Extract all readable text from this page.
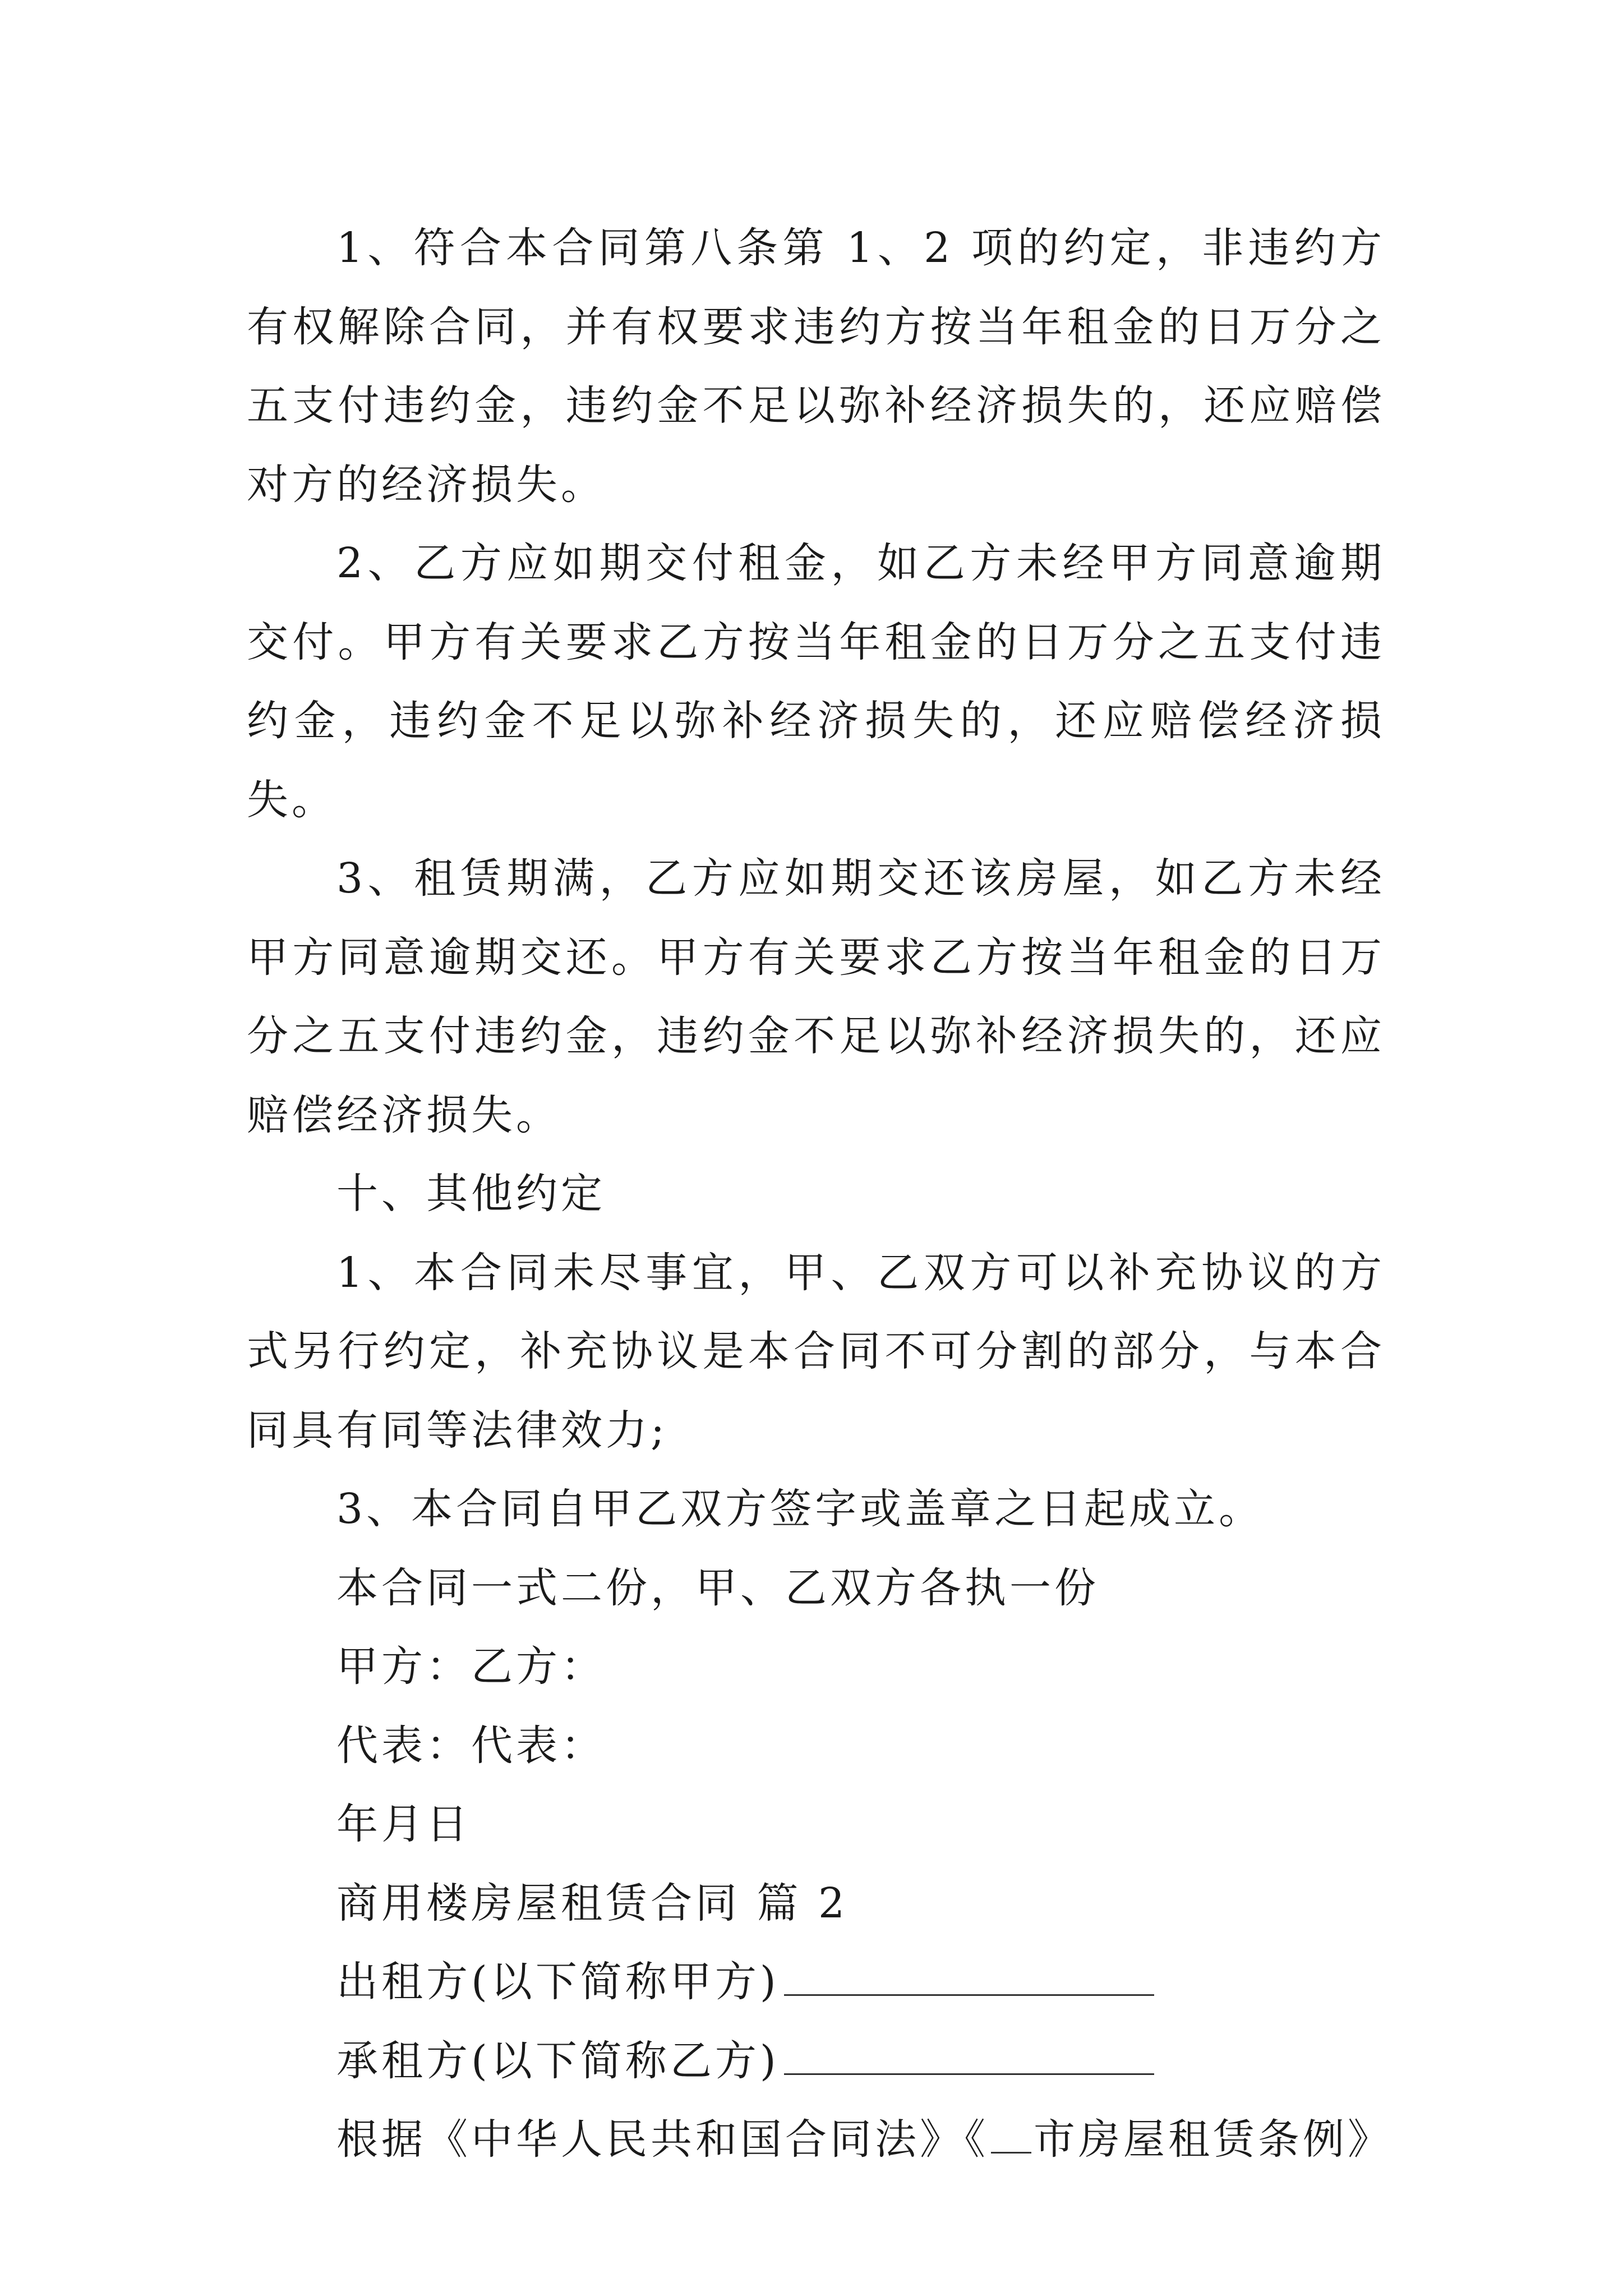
1、符合本合同第八条第 1、2 项的约定，非违约方有权解除合同，并有权要求违约方按当年租金的日万分之五支付违约金，违约金不足以弥补经济损失的，还应赔偿对方的经济损失。

2、乙方应如期交付租金，如乙方未经甲方同意逾期交付。甲方有关要求乙方按当年租金的日万分之五支付违约金，违约金不足以弥补经济损失的，还应赔偿经济损失。

3、租赁期满，乙方应如期交还该房屋，如乙方未经甲方同意逾期交还。甲方有关要求乙方按当年租金的日万分之五支付违约金，违约金不足以弥补经济损失的，还应赔偿经济损失。

十、其他约定

1、本合同未尽事宜，甲、乙双方可以补充协议的方式另行约定，补充协议是本合同不可分割的部分，与本合同具有同等法律效力;

3、本合同自甲乙双方签字或盖章之日起成立。

本合同一式二份，甲、乙双方各执一份

甲方：乙方：

代表：代表：

年月日

商用楼房屋租赁合同 篇 2

出租方(以下简称甲方)

承租方(以下简称乙方)

根据《中华人民共和国合同法》《 市房屋租赁条例》
